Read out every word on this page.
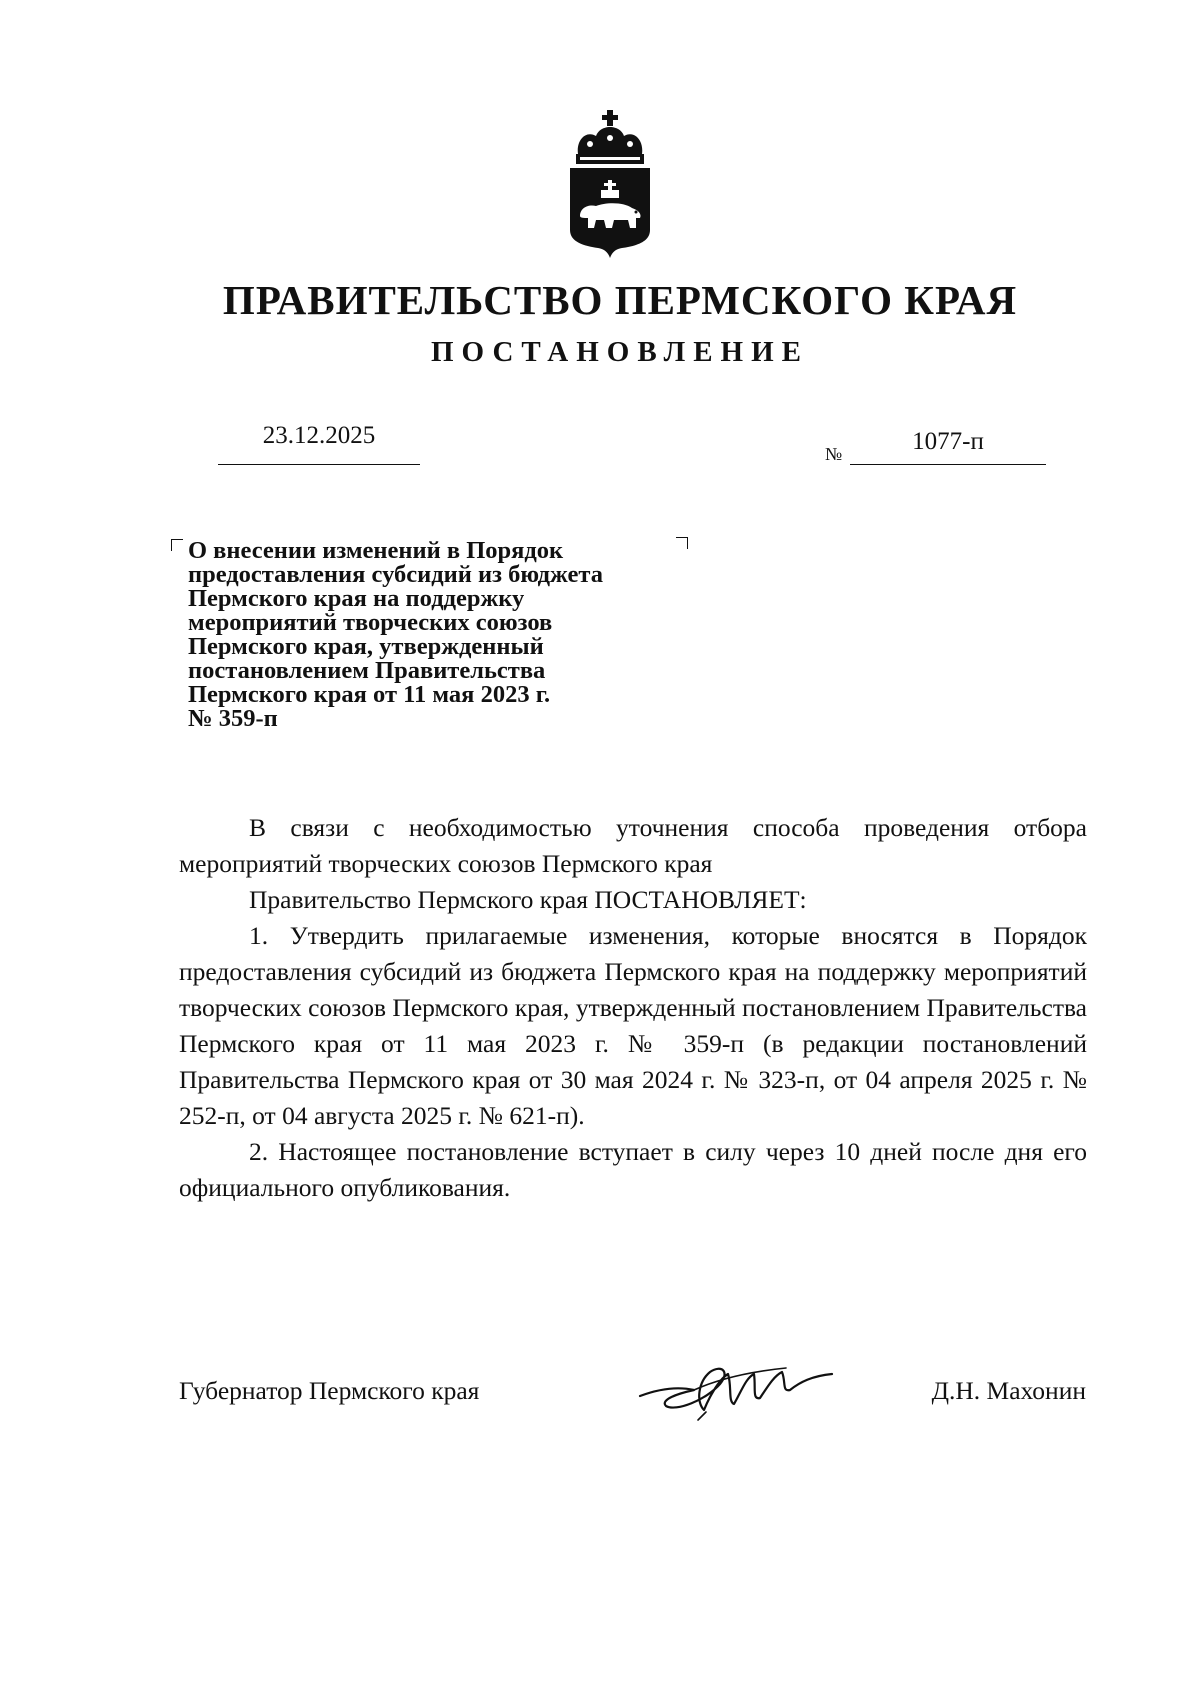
ПРАВИТЕЛЬСТВО ПЕРМСКОГО КРАЯ
ПОСТАНОВЛЕНИЕ
23.12.2025
№	1077-п

О внесении изменений в Порядок
предоставления субсидий из бюджета
Пермского края на поддержку
мероприятий творческих союзов
Пермского края, утвержденный
постановлением Правительства
Пермского края от 11 мая 2023 г.
№ 359-п

В связи с необходимостью уточнения способа проведения отбора мероприятий творческих союзов Пермского края

Правительство Пермского края ПОСТАНОВЛЯЕТ:

1. Утвердить прилагаемые изменения, которые вносятся в Порядок предоставления субсидий из бюджета Пермского края на поддержку мероприятий творческих союзов Пермского края, утвержденный постановлением Правительства Пермского края от 11 мая 2023 г. № 359-п (в редакции постановлений Правительства Пермского края от 30 мая 2024 г. № 323-п, от 04 апреля 2025 г. № 252-п, от 04 августа 2025 г. № 621-п).

2. Настоящее постановление вступает в силу через 10 дней после дня его официального опубликования.

Губернатор Пермского края	Д.Н. Махонин
